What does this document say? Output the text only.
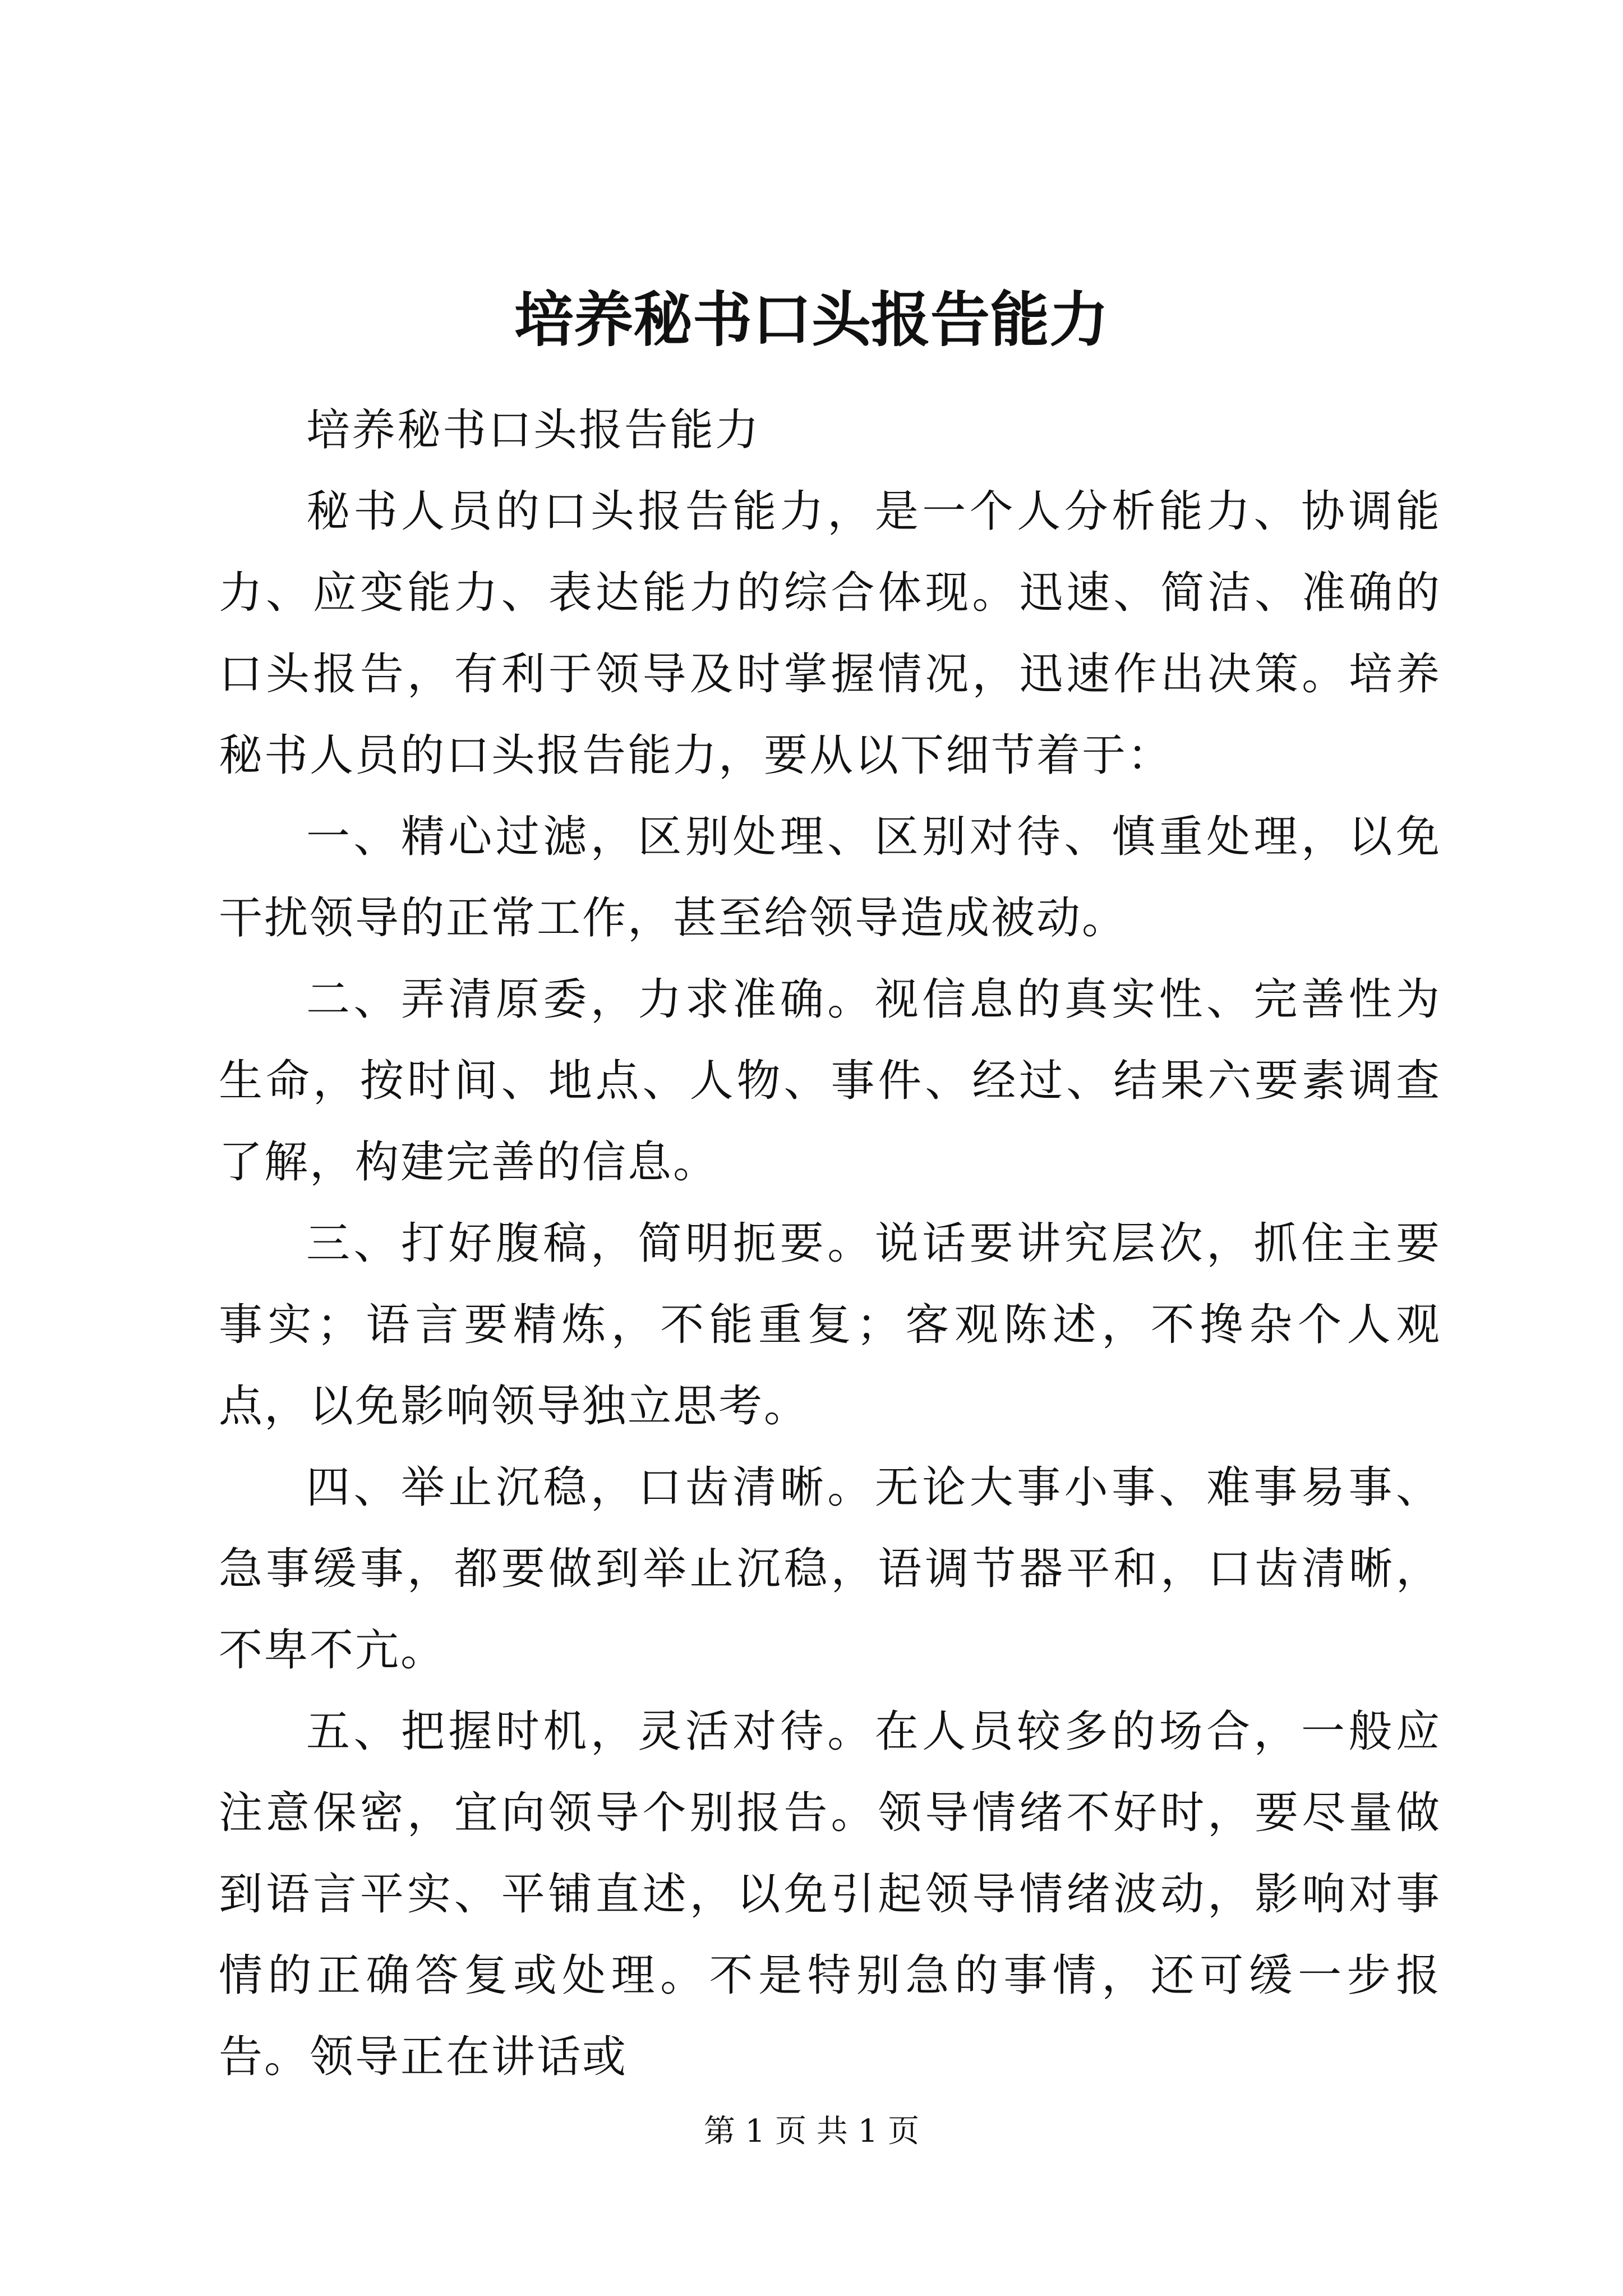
培养秘书口头报告能力

培养秘书口头报告能力

秘书人员的口头报告能力，是一个人分析能力、协调能力、应变能力、表达能力的综合体现。迅速、简洁、准确的口头报告，有利于领导及时掌握情况，迅速作出决策。培养秘书人员的口头报告能力，要从以下细节着于：

一、精心过滤，区别处理、区别对待、慎重处理，以免干扰领导的正常工作，甚至给领导造成被动。

二、弄清原委，力求准确。视信息的真实性、完善性为生命，按时间、地点、人物、事件、经过、结果六要素调查了解，构建完善的信息。

三、打好腹稿，简明扼要。说话要讲究层次，抓住主要事实；语言要精炼，不能重复；客观陈述，不搀杂个人观点，以免影响领导独立思考。

四、举止沉稳，口齿清晰。无论大事小事、难事易事、急事缓事，都要做到举止沉稳，语调节器平和，口齿清晰，不卑不亢。

五、把握时机，灵活对待。在人员较多的场合，一般应注意保密，宜向领导个别报告。领导情绪不好时，要尽量做到语言平实、平铺直述，以免引起领导情绪波动，影响对事情的正确答复或处理。不是特别急的事情，还可缓一步报告。领导正在讲话或

第 1 页 共 1 页
